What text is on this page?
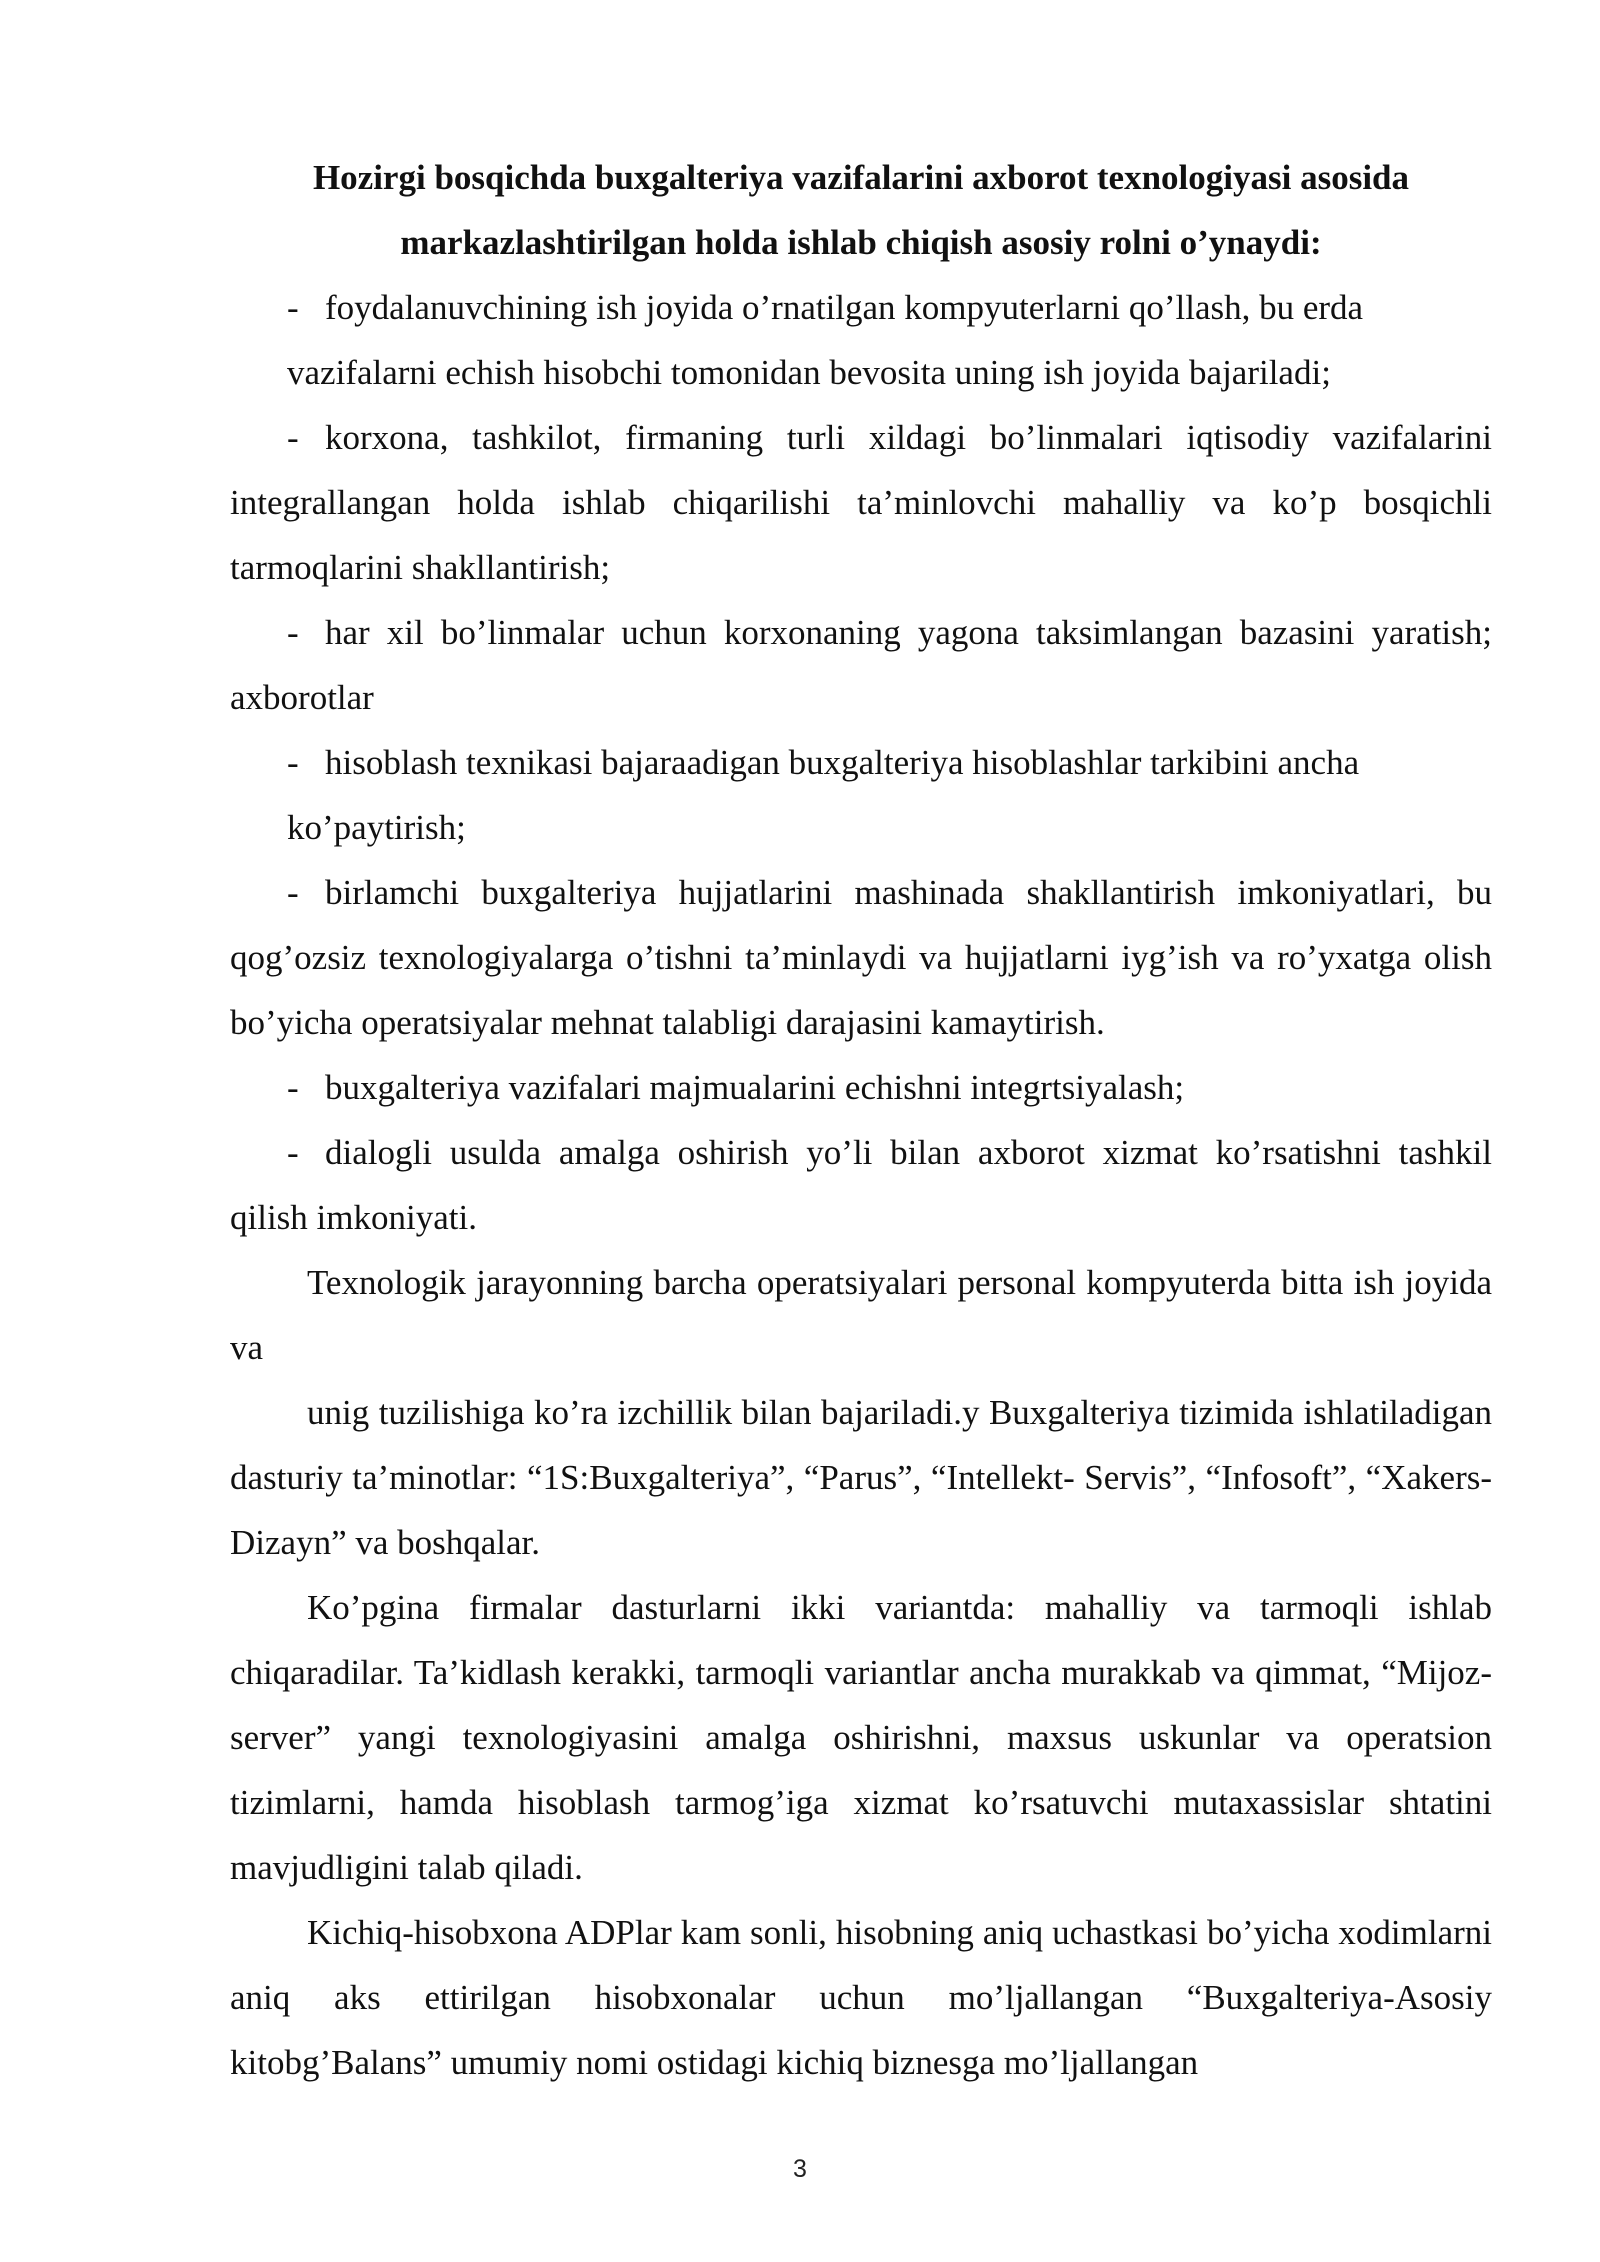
Hozirgi bosqichda buxgalteriya vazifalarini axborot texnologiyasi asosida
markazlashtirilgan holda ishlab chiqish asosiy rolni o’ynaydi:

- foydalanuvchining ish joyida o’rnatilgan kompyuterlarni qo’llash, bu erda vazifalarni echish hisobchi tomonidan bevosita uning ish joyida bajariladi;

- korxona, tashkilot, firmaning turli xildagi bo’linmalari iqtisodiy vazifalarini integrallangan holda ishlab chiqarilishi ta’minlovchi mahalliy va ko’p bosqichli tarmoqlarini shakllantirish;

- har xil bo’linmalar uchun korxonaning yagona taksimlangan bazasini yaratish; axborotlar

- hisoblash texnikasi bajaraadigan buxgalteriya hisoblashlar tarkibini ancha ko’paytirish;

- birlamchi buxgalteriya hujjatlarini mashinada shakllantirish imkoniyatlari, bu qog’ozsiz texnologiyalarga o’tishni ta’minlaydi va hujjatlarni iyg’ish va ro’yxatga olish bo’yicha operatsiyalar mehnat talabligi darajasini kamaytirish.

- buxgalteriya vazifalari majmualarini echishni integrtsiyalash;

- dialogli usulda amalga oshirish yo’li bilan axborot xizmat ko’rsatishni tashkil qilish imkoniyati.

Texnologik jarayonning barcha operatsiyalari personal kompyuterda bitta ish joyida va

unig tuzilishiga ko’ra izchillik bilan bajariladi.y Buxgalteriya tizimida ishlatiladigan dasturiy ta’minotlar: “1S:Buxgalteriya”, “Parus”, “Intellekt- Servis”, “Infosoft”, “Xakers-Dizayn” va boshqalar.

Ko’pgina firmalar dasturlarni ikki variantda: mahalliy va tarmoqli ishlab chiqaradilar. Ta’kidlash kerakki, tarmoqli variantlar ancha murakkab va qimmat, “Mijoz-server” yangi texnologiyasini amalga oshirishni, maxsus uskunlar va operatsion tizimlarni, hamda hisoblash tarmog’iga xizmat ko’rsatuvchi mutaxassislar shtatini mavjudligini talab qiladi.

Kichiq-hisobxona ADPlar kam sonli, hisobning aniq uchastkasi bo’yicha xodimlarni aniq aks ettirilgan hisobxonalar uchun mo’ljallangan “Buxgalteriya-Asosiy kitobg’Balans” umumiy nomi ostidagi kichiq biznesga mo’ljallangan

3
